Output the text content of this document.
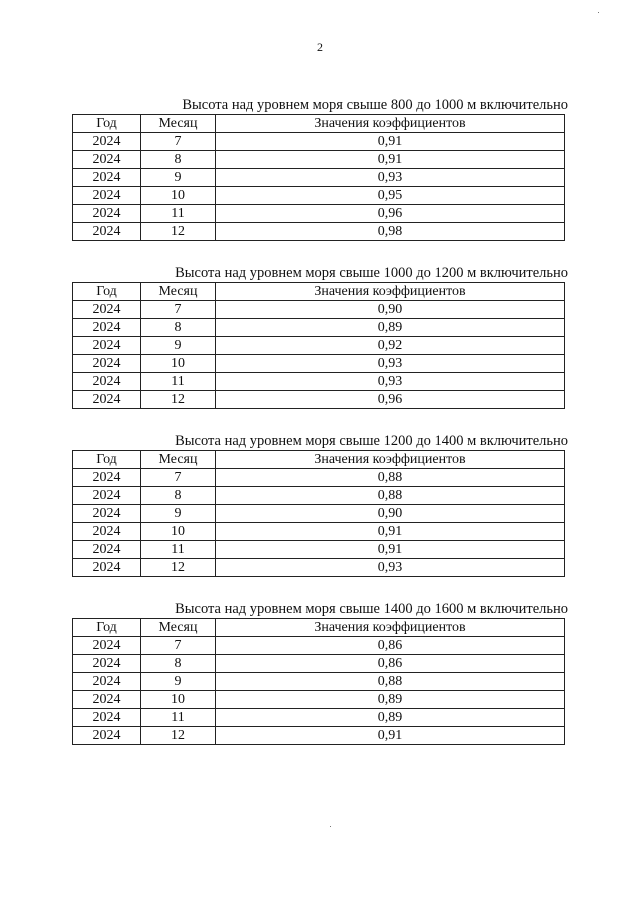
2
Высота над уровнем моря свыше 800 до 1000 м включительно
Год	Месяц	Значения коэффициентов
2024	7	0,91
2024	8	0,91
2024	9	0,93
2024	10	0,95
2024	11	0,96
2024	12	0,98
Высота над уровнем моря свыше 1000 до 1200 м включительно
Год	Месяц	Значения коэффициентов
2024	7	0,90
2024	8	0,89
2024	9	0,92
2024	10	0,93
2024	11	0,93
2024	12	0,96
Высота над уровнем моря свыше 1200 до 1400 м включительно
Год	Месяц	Значения коэффициентов
2024	7	0,88
2024	8	0,88
2024	9	0,90
2024	10	0,91
2024	11	0,91
2024	12	0,93
Высота над уровнем моря свыше 1400 до 1600 м включительно
Год	Месяц	Значения коэффициентов
2024	7	0,86
2024	8	0,86
2024	9	0,88
2024	10	0,89
2024	11	0,89
2024	12	0,91
